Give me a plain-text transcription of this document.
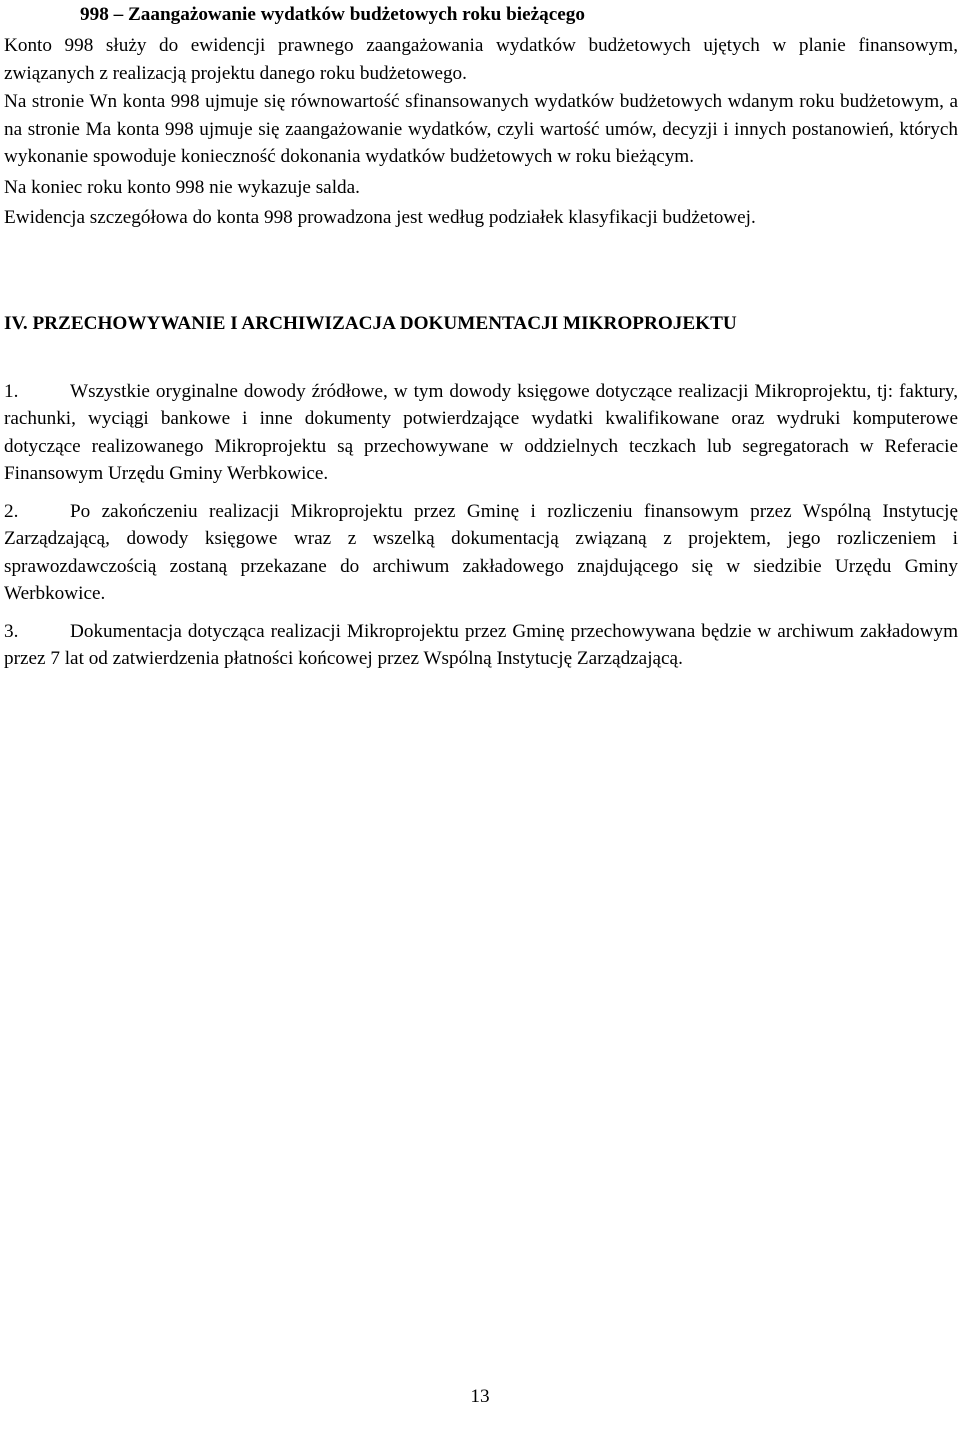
998 – Zaangażowanie wydatków budżetowych roku bieżącego

Konto 998 służy do ewidencji prawnego zaangażowania wydatków budżetowych ujętych w planie finansowym, związanych z realizacją projektu danego roku budżetowego.

Na stronie Wn konta 998 ujmuje się równowartość sfinansowanych wydatków budżetowych wdanym roku budżetowym, a na stronie Ma konta 998 ujmuje się zaangażowanie wydatków, czyli wartość umów, decyzji i innych postanowień, których wykonanie spowoduje konieczność dokonania wydatków budżetowych w roku bieżącym.

Na koniec roku konto 998 nie wykazuje salda.

Ewidencja szczegółowa do konta 998 prowadzona jest według podziałek klasyfikacji budżetowej.

IV. PRZECHOWYWANIE I ARCHIWIZACJA DOKUMENTACJI MIKROPROJEKTU

1.	Wszystkie oryginalne dowody źródłowe, w tym dowody księgowe dotyczące realizacji Mikroprojektu, tj: faktury, rachunki, wyciągi bankowe i inne dokumenty potwierdzające wydatki kwalifikowane oraz wydruki komputerowe dotyczące realizowanego Mikroprojektu są przechowywane w oddzielnych teczkach lub segregatorach w Referacie Finansowym Urzędu Gminy Werbkowice.

2.	Po zakończeniu realizacji Mikroprojektu przez Gminę i rozliczeniu finansowym przez Wspólną Instytucję Zarządzającą, dowody księgowe wraz z wszelką dokumentacją związaną z projektem, jego rozliczeniem i sprawozdawczością zostaną przekazane do archiwum zakładowego znajdującego się w siedzibie Urzędu Gminy Werbkowice.

3.	Dokumentacja dotycząca realizacji Mikroprojektu przez Gminę przechowywana będzie w archiwum zakładowym przez 7 lat od zatwierdzenia płatności końcowej przez Wspólną Instytucję Zarządzającą.

13
